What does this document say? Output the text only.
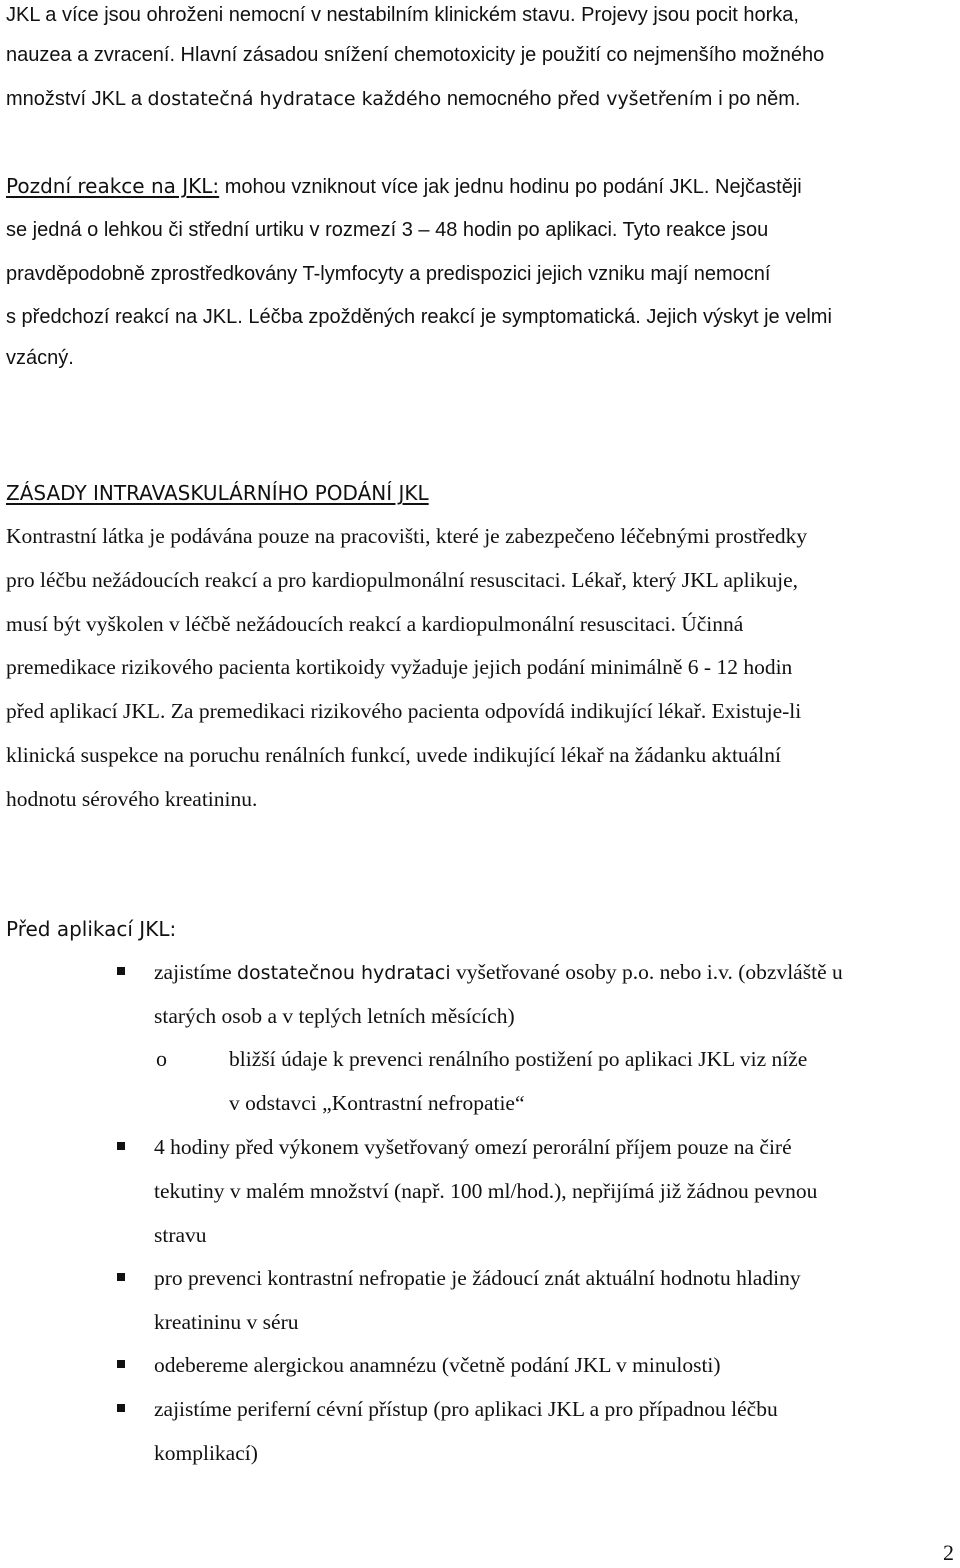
JKL a více jsou ohroženi nemocní v nestabilním klinickém stavu. Projevy jsou pocit horka,
nauzea a zvracení. Hlavní zásadou snížení chemotoxicity je použití co nejmenšího možného
množství JKL a dostatečná hydratace každého nemocného před vyšetřením i po něm.
Pozdní reakce na JKL: mohou vzniknout více jak jednu hodinu po podání JKL. Nejčastěji
se jedná o lehkou či střední urtiku v rozmezí 3 – 48 hodin po aplikaci. Tyto reakce jsou
pravděpodobně zprostředkovány T-lymfocyty a predispozici jejich vzniku mají nemocní
s předchozí reakcí na JKL. Léčba zpožděných reakcí je symptomatická. Jejich výskyt je velmi
vzácný.
ZÁSADY INTRAVASKULÁRNÍHO PODÁNÍ JKL
Kontrastní látka je podávána pouze na pracovišti, které je zabezpečeno léčebnými prostředky
pro léčbu nežádoucích reakcí a pro kardiopulmonální resuscitaci. Lékař, který JKL aplikuje,
musí být vyškolen v léčbě nežádoucích reakcí a kardiopulmonální resuscitaci. Účinná
premedikace rizikového pacienta kortikoidy vyžaduje jejich podání minimálně 6 - 12 hodin
před aplikací JKL. Za premedikaci rizikového pacienta odpovídá indikující lékař. Existuje-li
klinická suspekce na poruchu renálních funkcí, uvede indikující lékař na žádanku aktuální
hodnotu sérového kreatininu.
Před aplikací JKL:
zajistíme dostatečnou hydrataci vyšetřované osoby p.o. nebo i.v. (obzvláště u
starých osob a v teplých letních měsících)
o	bližší údaje k prevenci renálního postižení po aplikaci JKL viz níže
v odstavci „Kontrastní nefropatie“
4 hodiny před výkonem vyšetřovaný omezí perorální příjem pouze na čiré
tekutiny v malém množství (např. 100 ml/hod.), nepřijímá již žádnou pevnou
stravu
pro prevenci kontrastní nefropatie je žádoucí znát aktuální hodnotu hladiny
kreatininu v séru
odebereme alergickou anamnézu (včetně podání JKL v minulosti)
zajistíme periferní cévní přístup (pro aplikaci JKL a pro případnou léčbu
komplikací)
2
